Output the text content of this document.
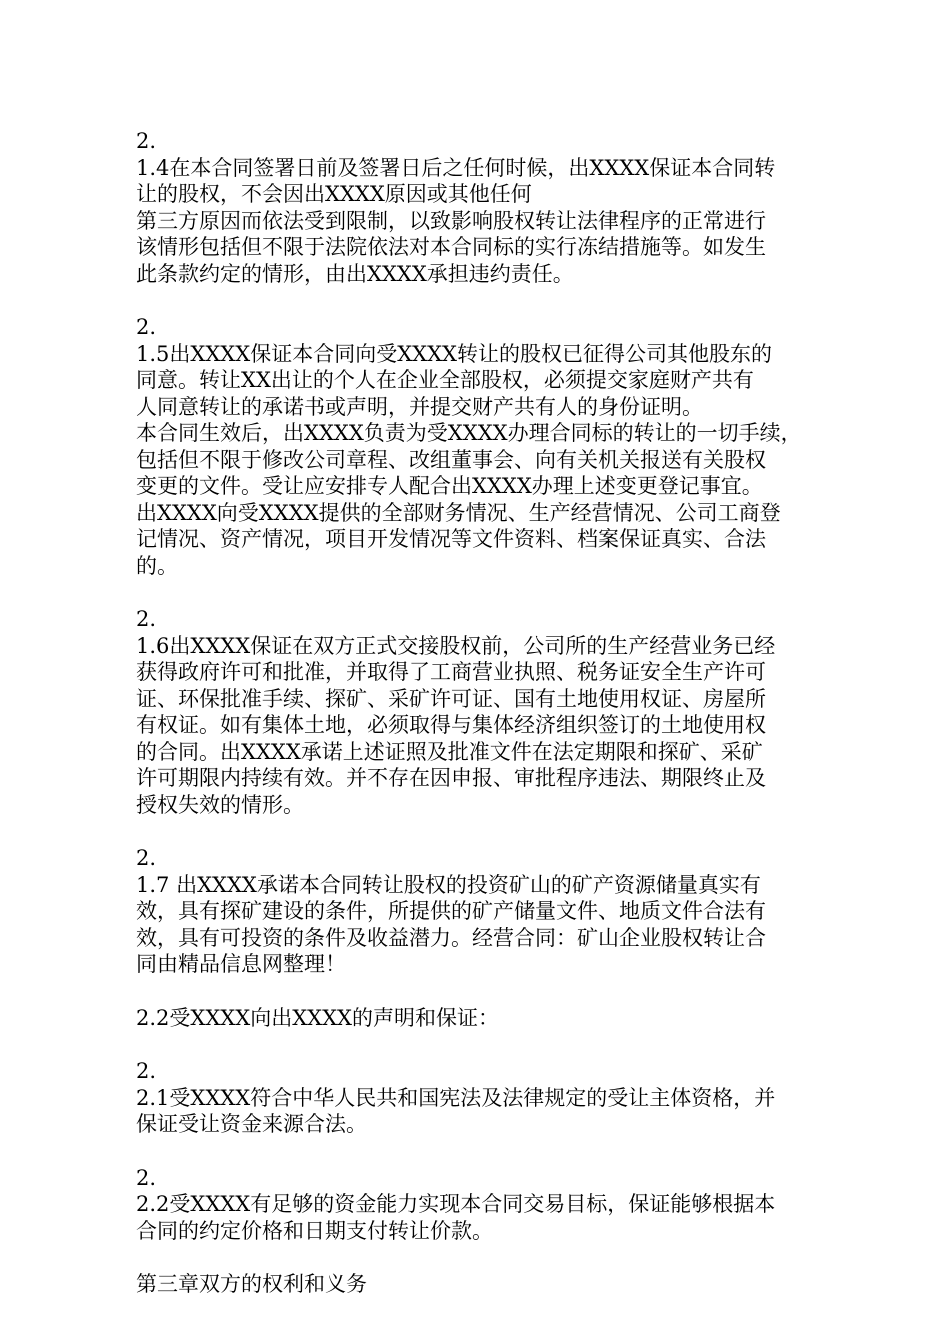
2.
1.4在本合同签署日前及签署日后之任何时候，出XXXX保证本合同转
让的股权，不会因出XXXX原因或其他任何
第三方原因而依法受到限制，以致影响股权转让法律程序的正常进行
该情形包括但不限于法院依法对本合同标的实行冻结措施等。如发生
此条款约定的情形，由出XXXX承担违约责任。
2.
1.5出XXXX保证本合同向受XXXX转让的股权已征得公司其他股东的
同意。转让XX出让的个人在企业全部股权，必须提交家庭财产共有
人同意转让的承诺书或声明，并提交财产共有人的身份证明。
本合同生效后，出XXXX负责为受XXXX办理合同标的转让的一切手续，
包括但不限于修改公司章程、改组董事会、向有关机关报送有关股权
变更的文件。受让应安排专人配合出XXXX办理上述变更登记事宜。
出XXXX向受XXXX提供的全部财务情况、生产经营情况、公司工商登
记情况、资产情况，项目开发情况等文件资料、档案保证真实、合法
的。
2.
1.6出XXXX保证在双方正式交接股权前，公司所的生产经营业务已经
获得政府许可和批准，并取得了工商营业执照、税务证安全生产许可
证、环保批准手续、探矿、采矿许可证、国有土地使用权证、房屋所
有权证。如有集体土地，必须取得与集体经济组织签订的土地使用权
的合同。出XXXX承诺上述证照及批准文件在法定期限和探矿、采矿
许可期限内持续有效。并不存在因申报、审批程序违法、期限终止及
授权失效的情形。
2.
1.7 出XXXX承诺本合同转让股权的投资矿山的矿产资源储量真实有
效，具有探矿建设的条件，所提供的矿产储量文件、地质文件合法有
效，具有可投资的条件及收益潜力。经营合同：矿山企业股权转让合
同由精品信息网整理！
2.2受XXXX向出XXXX的声明和保证：
2.
2.1受XXXX符合中华人民共和国宪法及法律规定的受让主体资格，并
保证受让资金来源合法。
2.
2.2受XXXX有足够的资金能力实现本合同交易目标，保证能够根据本
合同的约定价格和日期支付转让价款。
第三章双方的权利和义务
